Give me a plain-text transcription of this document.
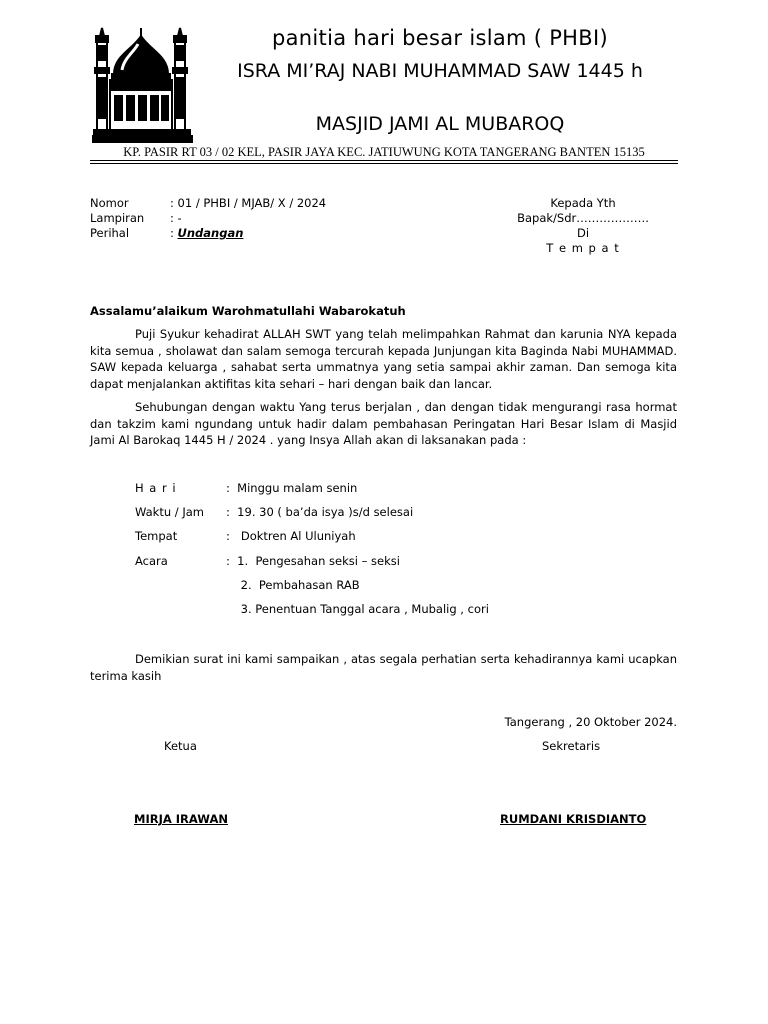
panitia hari besar islam ( PHBI)
ISRA MI’RAJ NABI MUHAMMAD SAW 1445 h
MASJID JAMI AL MUBAROQ
KP. PASIR RT 03 / 02 KEL, PASIR JAYA KEC. JATIUWUNG KOTA TANGERANG BANTEN 15135
Nomor	: 01 / PHBI / MJAB/ X / 2024
Lampiran : -
Perihal	: Undangan
Kepada Yth
Bapak/Sdr……………….
Di
T e m p a t
Assalamu’alaikum Warohmatullahi Wabarokatuh
Puji Syukur kehadirat ALLAH SWT yang telah melimpahkan Rahmat dan karunia NYA kepada kita semua , sholawat dan salam semoga tercurah kepada Junjungan kita Baginda Nabi MUHAMMAD. SAW kepada keluarga , sahabat serta ummatnya yang setia sampai akhir zaman. Dan semoga kita dapat menjalankan aktifitas kita sehari – hari dengan baik dan lancar.
Sehubungan dengan waktu Yang terus berjalan , dan dengan tidak mengurangi rasa hormat dan takzim kami ngundang untuk hadir dalam pembahasan Peringatan Hari Besar Islam di Masjid Jami Al Barokaq 1445 H / 2024 . yang Insya Allah akan di laksanakan pada :
H a r i	:  Minggu malam senin
Waktu / Jam :  19. 30 ( ba’da isya )s/d selesai
Tempat	:   Doktren Al Uluniyah
Acara	:  1.  Pengesahan seksi – seksi
2.  Pembahasan RAB
3. Penentuan Tanggal acara , Mubalig , cori
Demikian surat ini kami sampaikan , atas segala perhatian serta kehadirannya kami ucapkan terima kasih
Tangerang , 20 Oktober 2024.
Ketua	Sekretaris
MIRJA IRAWAN	RUMDANI KRISDIANTO
